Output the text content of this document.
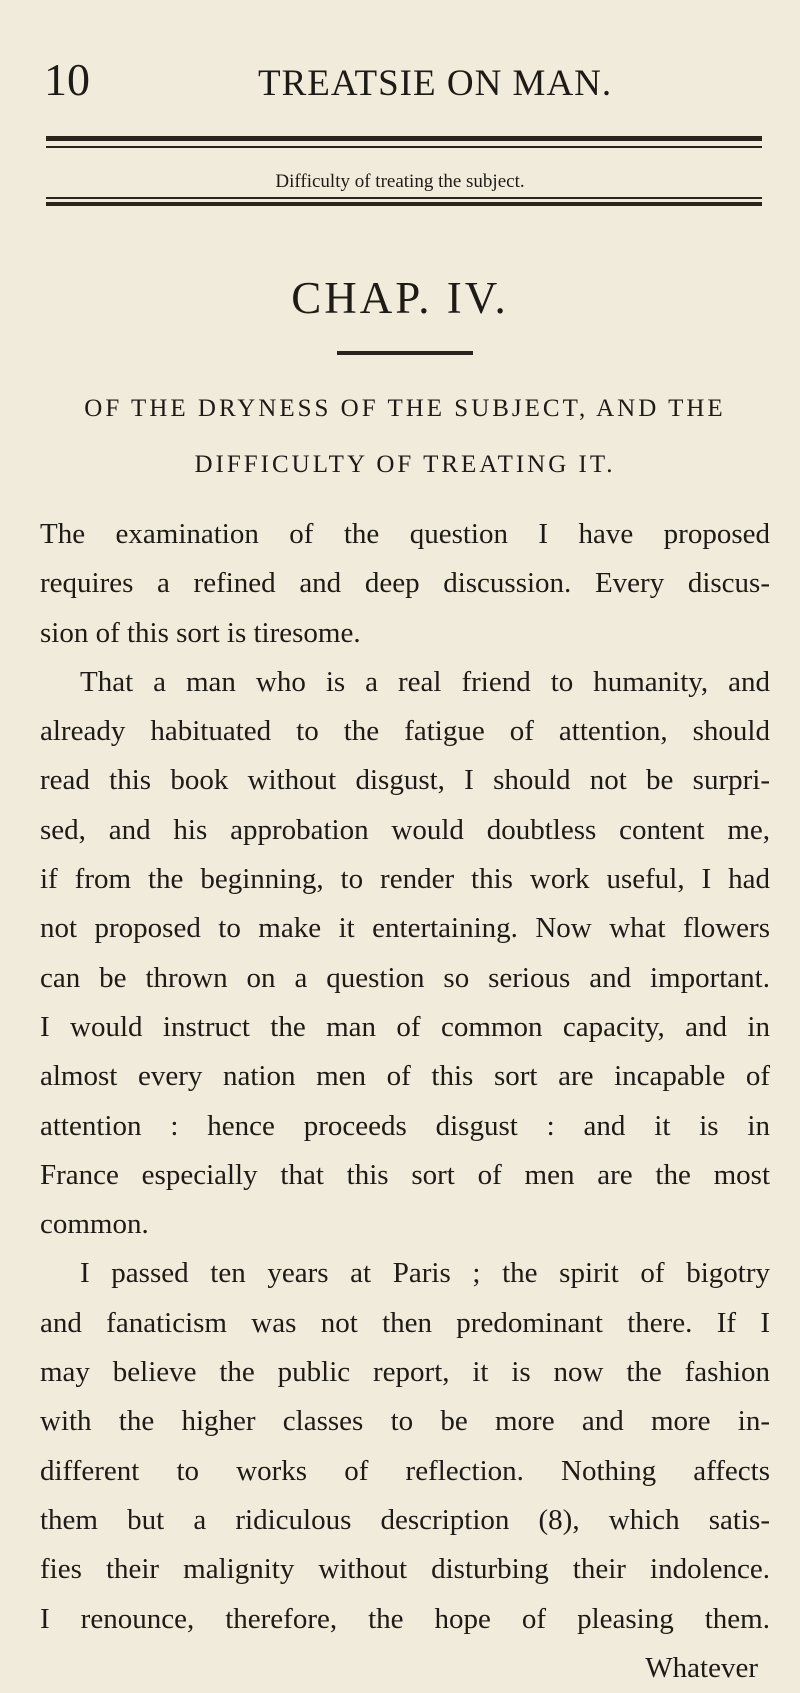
10	TREATSIE ON MAN.
Difficulty of treating the subject.
CHAP. IV.
OF THE DRYNESS OF THE SUBJECT, AND THE
DIFFICULTY OF TREATING IT.
The examination of the question I have proposed
requires a refined and deep discussion. Every discus-
sion of this sort is tiresome.
That a man who is a real friend to humanity, and
already habituated to the fatigue of attention, should
read this book without disgust, I should not be surpri-
sed, and his approbation would doubtless content me,
if from the beginning, to render this work useful, I had
not proposed to make it entertaining. Now what flowers
can be thrown on a question so serious and important.
I would instruct the man of common capacity, and in
almost every nation men of this sort are incapable of
attention : hence proceeds disgust : and it is in
France especially that this sort of men are the most
common.
I passed ten years at Paris ; the spirit of bigotry
and fanaticism was not then predominant there. If I
may believe the public report, it is now the fashion
with the higher classes to be more and more in-
different to works of reflection. Nothing affects
them but a ridiculous description (8), which satis-
fies their malignity without disturbing their indolence.
I renounce, therefore, the hope of pleasing them.
Whatever
